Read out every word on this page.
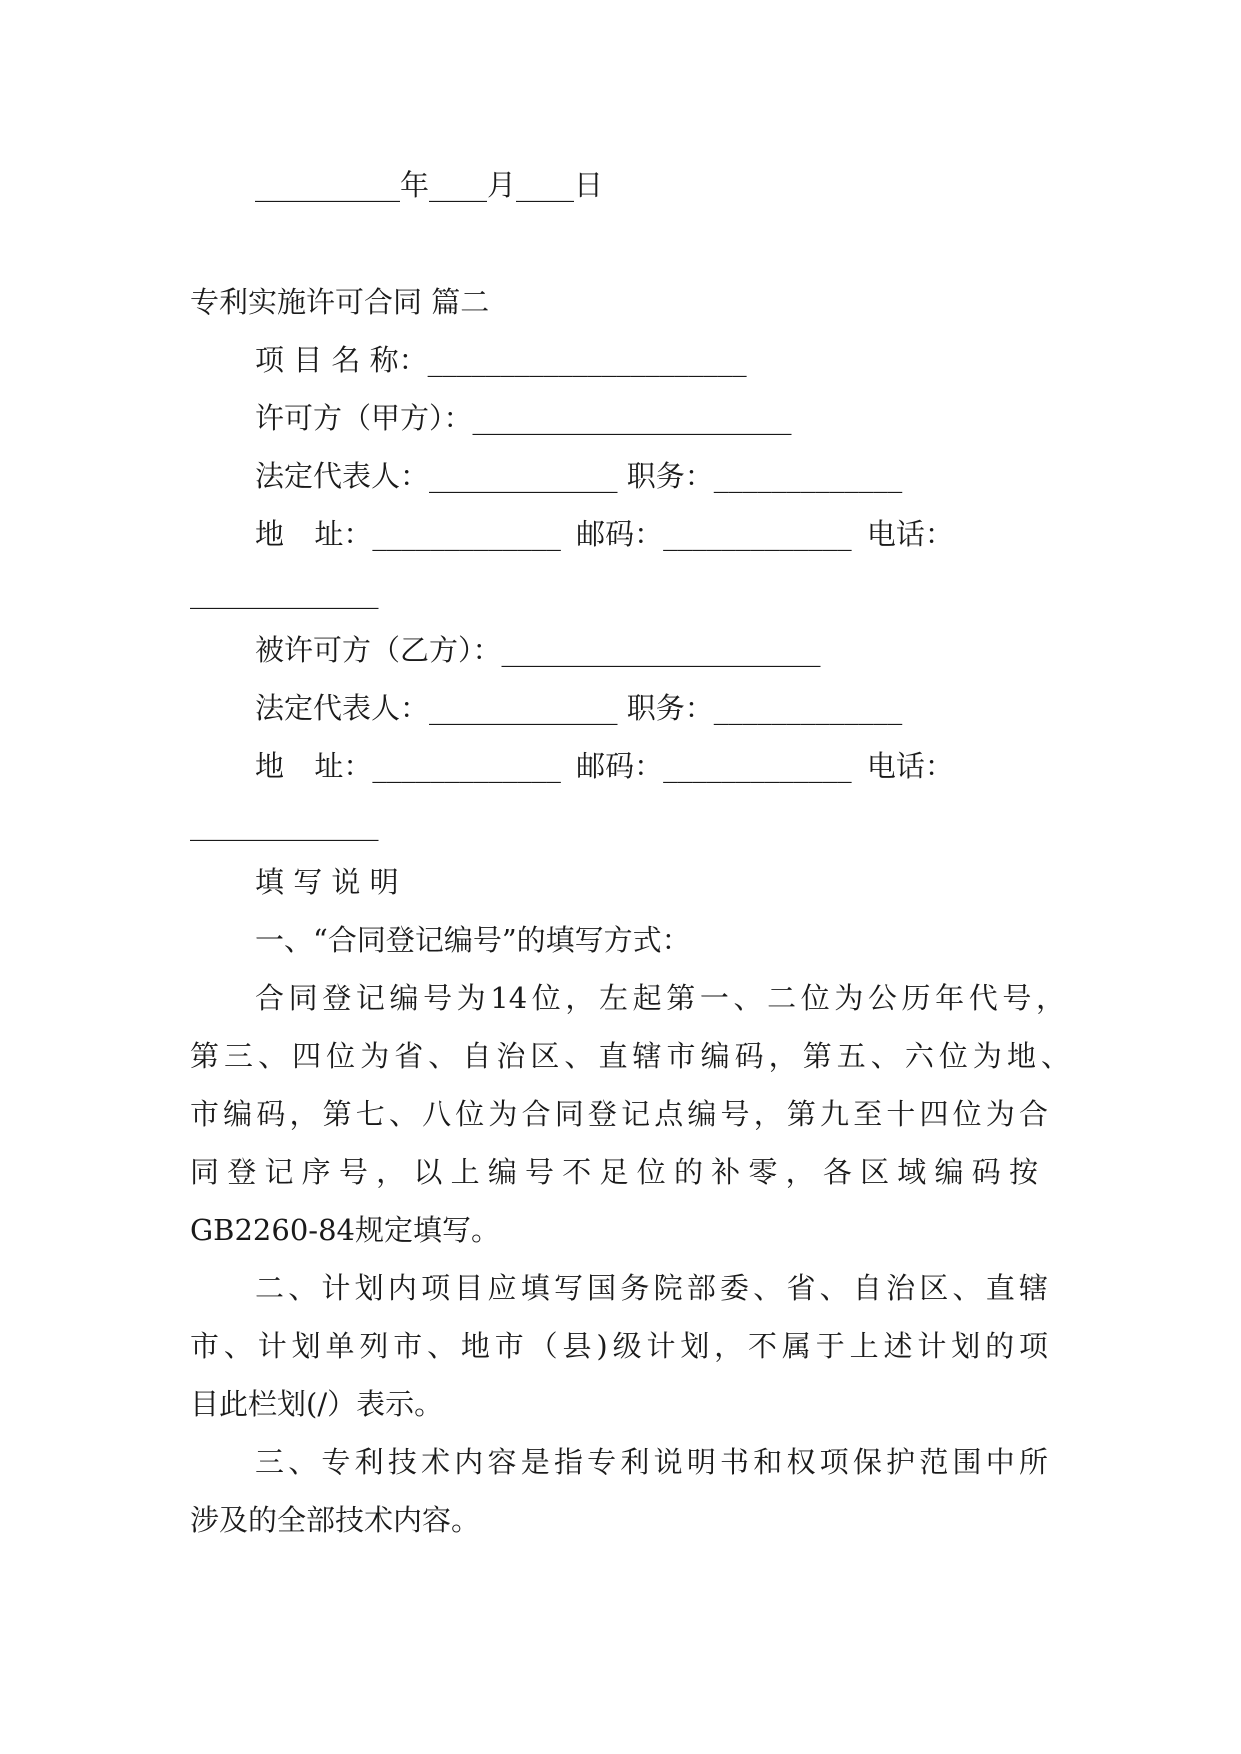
__________年____月____日
专利实施许可合同 篇二
项 目 名 称：______________________
许可方（甲方）：______________________
法定代表人：_____________ 职务：_____________
地  址：_____________ 邮码：_____________ 电话：
_____________
被许可方（乙方）：______________________
法定代表人：_____________ 职务：_____________
地  址：_____________ 邮码：_____________ 电话：
_____________
填 写 说 明
一、“合同登记编号”的填写方式：
合同登记编号为14位，左起第一、二位为公历年代号，
第三、四位为省、自治区、直辖市编码，第五、六位为地、
市编码，第七、八位为合同登记点编号，第九至十四位为合
同登记序号，以上编号不足位的补零，各区域编码按
GB2260-84规定填写。
二、计划内项目应填写国务院部委、省、自治区、直辖
市、计划单列市、地市（县)级计划，不属于上述计划的项
目此栏划(/）表示。
三、专利技术内容是指专利说明书和权项保护范围中所
涉及的全部技术内容。
